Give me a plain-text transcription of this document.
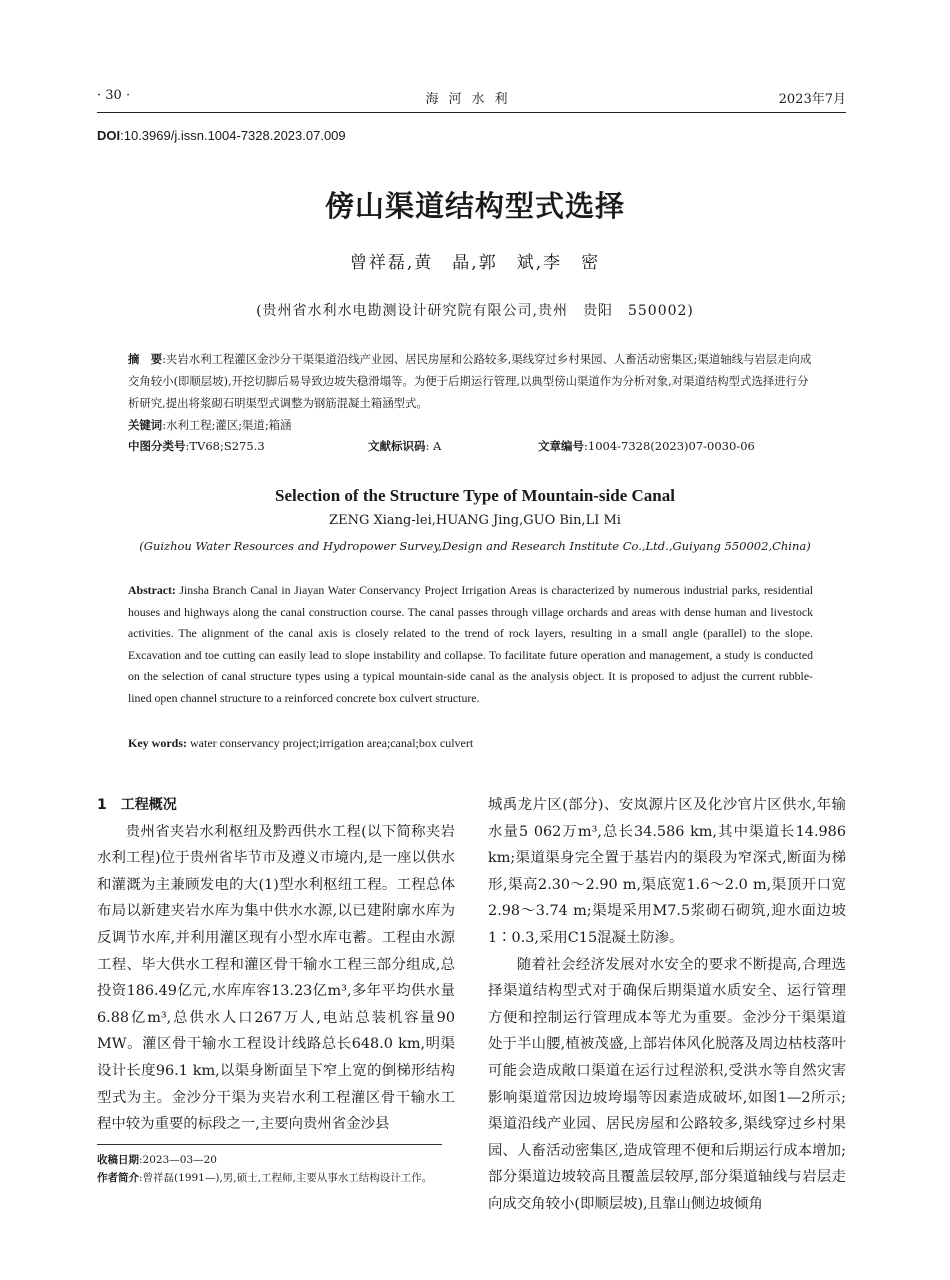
· 30 ·	海河水利	2023年7月
DOI:10.3969/j.issn.1004-7328.2023.07.009
傍山渠道结构型式选择
曾祥磊,黄　晶,郭　斌,李　密
(贵州省水利水电勘测设计研究院有限公司,贵州　贵阳　550002)
摘　要:夹岩水利工程灌区金沙分干渠渠道沿线产业园、居民房屋和公路较多,渠线穿过乡村果园、人畜活动密集区;渠道轴线与岩层走向成交角较小(即顺层坡),开挖切脚后易导致边坡失稳滑塌等。为便于后期运行管理,以典型傍山渠道作为分析对象,对渠道结构型式选择进行分析研究,提出将浆砌石明渠型式调整为钢筋混凝土箱涵型式。
关键词:水利工程;灌区;渠道;箱涵
中图分类号:TV68;S275.3	文献标识码: A	文章编号:1004-7328(2023)07-0030-06
Selection of the Structure Type of Mountain-side Canal
ZENG Xiang-lei,HUANG Jing,GUO Bin,LI Mi
(Guizhou Water Resources and Hydropower Survey,Design and Research Institute Co.,Ltd.,Guiyang 550002,China)
Abstract: Jinsha Branch Canal in Jiayan Water Conservancy Project Irrigation Areas is characterized by numerous industrial parks, residential houses and highways along the canal construction course. The canal passes through village orchards and areas with dense human and livestock activities. The alignment of the canal axis is closely related to the trend of rock layers, resulting in a small angle (parallel) to the slope. Excavation and toe cutting can easily lead to slope instability and collapse. To facilitate future operation and management, a study is conducted on the selection of canal structure types using a typical mountain-side canal as the analysis object. It is proposed to adjust the current rubble-lined open channel structure to a reinforced concrete box culvert structure.
Key words: water conservancy project;irrigation area;canal;box culvert

1　工程概况

贵州省夹岩水利枢纽及黔西供水工程(以下简称夹岩水利工程)位于贵州省毕节市及遵义市境内,是一座以供水和灌溉为主兼顾发电的大(1)型水利枢纽工程。工程总体布局以新建夹岩水库为集中供水水源,以已建附廓水库为反调节水库,并利用灌区现有小型水库屯蓄。工程由水源工程、毕大供水工程和灌区骨干输水工程三部分组成,总投资186.49亿元,水库库容13.23亿m³,多年平均供水量6.88亿m³,总供水人口267万人,电站总装机容量90 MW。灌区骨干输水工程设计线路总长648.0 km,明渠设计长度96.1 km,以渠身断面呈下窄上宽的倒梯形结构型式为主。金沙分干渠为夹岩水利工程灌区骨干输水工程中较为重要的标段之一,主要向贵州省金沙县

城禹龙片区(部分)、安岚源片区及化沙官片区供水,年输水量5 062万m³,总长34.586 km,其中渠道长14.986 km;渠道渠身完全置于基岩内的渠段为窄深式,断面为梯形,渠高2.30～2.90 m,渠底宽1.6～2.0 m,渠顶开口宽2.98～3.74 m;渠堤采用M7.5浆砌石砌筑,迎水面边坡1∶0.3,采用C15混凝土防渗。

随着社会经济发展对水安全的要求不断提高,合理选择渠道结构型式对于确保后期渠道水质安全、运行管理方便和控制运行管理成本等尤为重要。金沙分干渠渠道处于半山腰,植被茂盛,上部岩体风化脱落及周边枯枝落叶可能会造成敞口渠道在运行过程淤积,受洪水等自然灾害影响渠道常因边坡垮塌等因素造成破坏,如图1—2所示;渠道沿线产业园、居民房屋和公路较多,渠线穿过乡村果园、人畜活动密集区,造成管理不便和后期运行成本增加;部分渠道边坡较高且覆盖层较厚,部分渠道轴线与岩层走向成交角较小(即顺层坡),且靠山侧边坡倾角

收稿日期:2023—03—20
作者简介:曾祥磊(1991—),男,硕士,工程师,主要从事水工结构设计工作。
